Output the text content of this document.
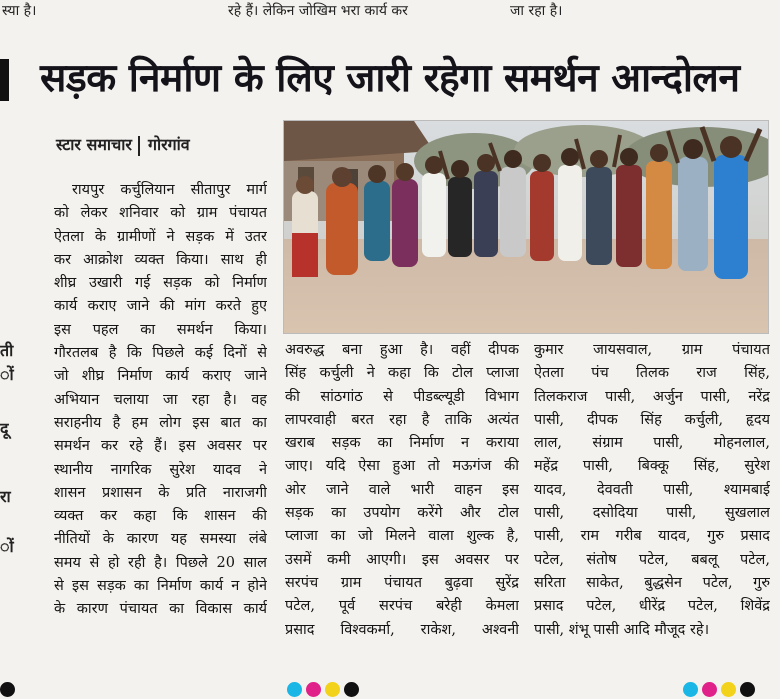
स्या है।	रहे हैं। लेकिन जोखिम भरा कार्य कर	जा रहा है।
सड़क निर्माण के लिए जारी रहेगा समर्थन आन्दोलन
स्टार समाचार गोरगांव
ती
ों
दू
रा
ों
रायपुर कर्चुलियान सीतापुर मार्ग
को लेकर शनिवार को ग्राम पंचायत
ऐतला के ग्रामीणों ने सड़क में उतर
कर आक्रोश व्यक्त किया। साथ ही
शीघ्र उखारी गई सड़क को निर्माण
कार्य कराए जाने की मांग करते हुए
इस पहल का समर्थन किया।
गौरतलब है कि पिछले कई दिनों से
जो शीघ्र निर्माण कार्य कराए जाने
अभियान चलाया जा रहा है। वह
सराहनीय है हम लोग इस बात का
समर्थन कर रहे हैं। इस अवसर पर
स्थानीय नागरिक सुरेश यादव ने
शासन प्रशासन के प्रति नाराजगी
व्यक्त कर कहा कि शासन की
नीतियों के कारण यह समस्या लंबे
समय से हो रही है। पिछले 20 साल
से इस सड़क का निर्माण कार्य न होने
के कारण पंचायत का विकास कार्य
अवरुद्ध बना हुआ है। वहीं दीपक
सिंह कर्चुली ने कहा कि टोल प्लाजा
की सांठगांठ से पीडब्ल्यूडी विभाग
लापरवाही बरत रहा है ताकि अत्यंत
खराब सड़क का निर्माण न कराया
जाए। यदि ऐसा हुआ तो मऊगंज की
ओर जाने वाले भारी वाहन इस
सड़क का उपयोग करेंगे और टोल
प्लाजा का जो मिलने वाला शुल्क है,
उसमें कमी आएगी। इस अवसर पर
सरपंच ग्राम पंचायत बुढ़वा सुरेंद्र
पटेल, पूर्व सरपंच बरेही केमला
प्रसाद विश्वकर्मा, राकेश, अश्वनी
कुमार जायसवाल, ग्राम पंचायत
ऐतला पंच तिलक राज सिंह,
तिलकराज पासी, अर्जुन पासी, नरेंद्र
पासी, दीपक सिंह कर्चुली, हृदय
लाल, संग्राम पासी, मोहनलाल,
महेंद्र पासी, बिक्कू सिंह, सुरेश
यादव, देववती पासी, श्यामबाई
पासी, दसोदिया पासी, सुखलाल
पासी, राम गरीब यादव, गुरु प्रसाद
पटेल, संतोष पटेल, बबलू पटेल,
सरिता साकेत, बुद्धसेन पटेल, गुरु
प्रसाद पटेल, धीरेंद्र पटेल, शिवेंद्र
पासी, शंभू पासी आदि मौजूद रहे।
